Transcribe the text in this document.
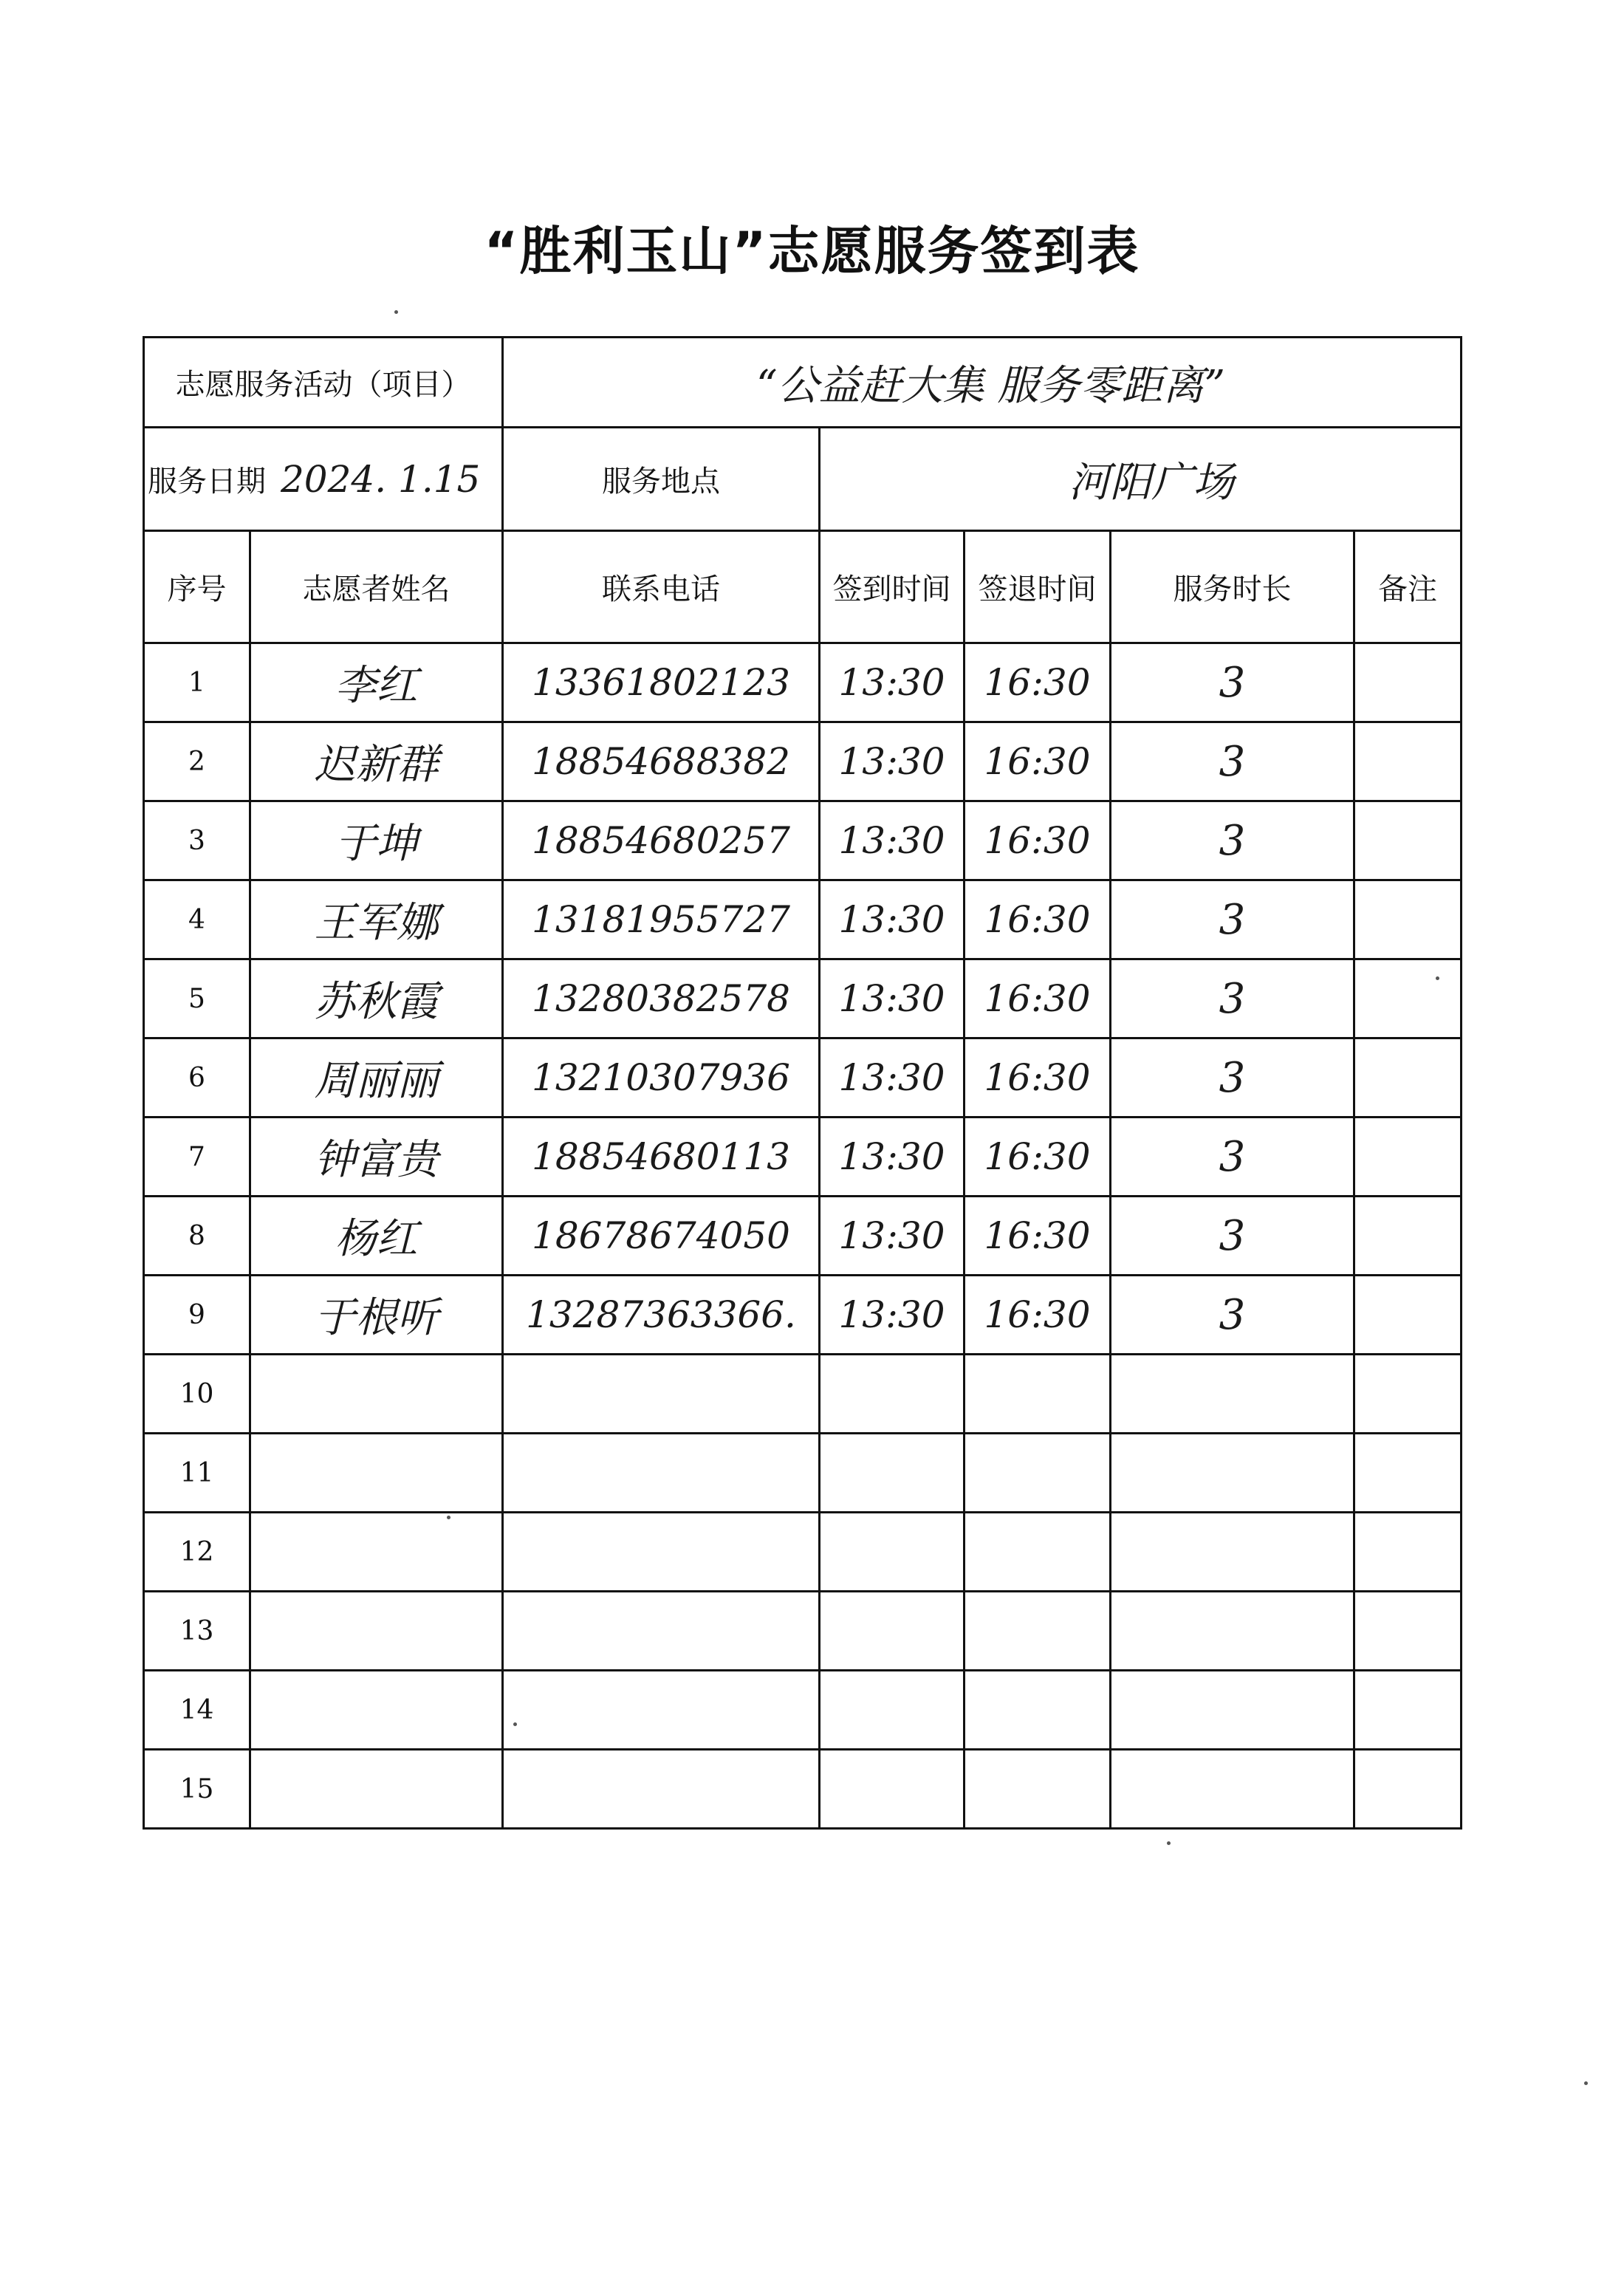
“胜利玉山”志愿服务签到表
志愿服务活动（项目）		“公益赶大集 服务零距离”				

服务日期 2024. 1.15		服务地点	河阳广场			
序号	志愿者姓名	联系电话	签到时间	签退时间	服务时长	备注
1	李红	13361802123	13:30	16:30	3	
2	迟新群	18854688382	13:30	16:30	3	
3	于坤	18854680257	13:30	16:30	3	
4	王军娜	13181955727	13:30	16:30	3	
5	苏秋霞	13280382578	13:30	16:30	3	
6	周丽丽	13210307936	13:30	16:30	3	
7	钟富贵	18854680113	13:30	16:30	3	
8	杨红	18678674050	13:30	16:30	3	
9	于根听	13287363366.	13:30	16:30	3	
10						
11						
12						
13						
14						
15						
